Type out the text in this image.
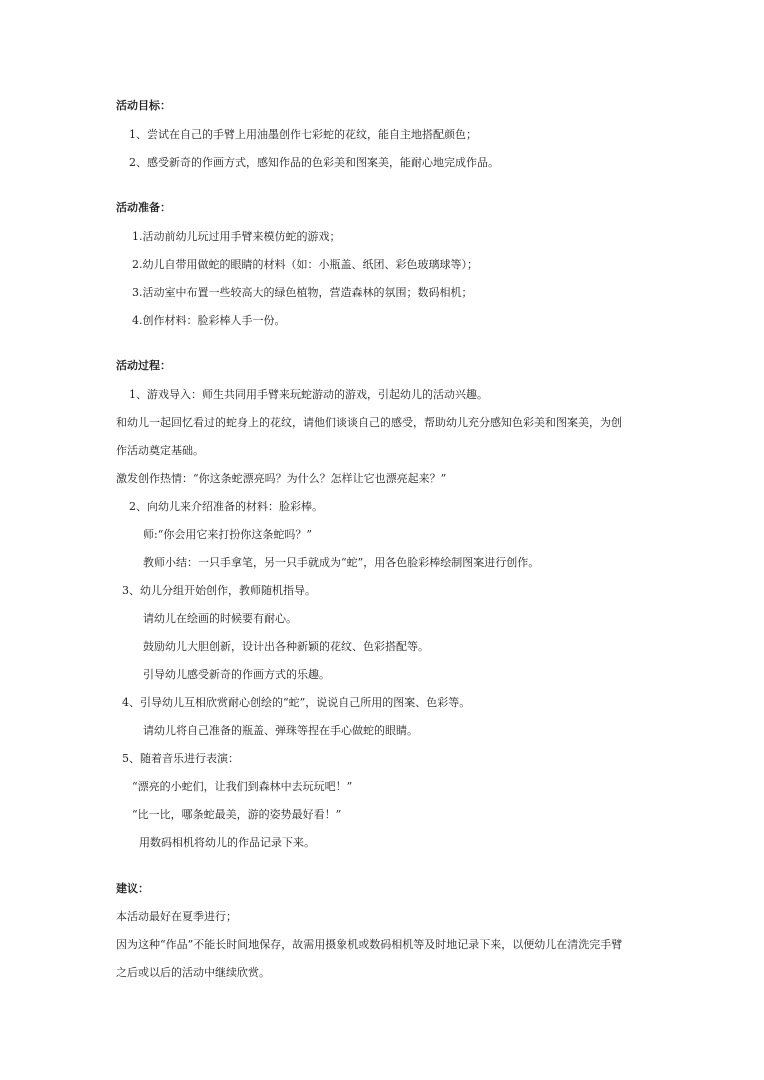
活动目标：
1、尝试在自己的手臂上用油墨创作七彩蛇的花纹，能自主地搭配颜色；
2、感受新奇的作画方式，感知作品的色彩美和图案美，能耐心地完成作品。
活动准备：
1.活动前幼儿玩过用手臂来模仿蛇的游戏；
2.幼儿自带用做蛇的眼睛的材料（如：小瓶盖、纸团、彩色玻璃球等）；
3.活动室中布置一些较高大的绿色植物，营造森林的氛围；数码相机；
4.创作材料：脸彩棒人手一份。
活动过程：
1、游戏导入：师生共同用手臂来玩蛇游动的游戏，引起幼儿的活动兴趣。
和幼儿一起回忆看过的蛇身上的花纹，请他们谈谈自己的感受，帮助幼儿充分感知色彩美和图案美，为创
作活动奠定基础。
激发创作热情：“你这条蛇漂亮吗？为什么？怎样让它也漂亮起来？”
2、向幼儿来介绍准备的材料：脸彩棒。
师:“你会用它来打扮你这条蛇吗？”
教师小结：一只手拿笔，另一只手就成为“蛇”，用各色脸彩棒绘制图案进行创作。
3、幼儿分组开始创作，教师随机指导。
请幼儿在绘画的时候要有耐心。
鼓励幼儿大胆创新，设计出各种新颖的花纹、色彩搭配等。
引导幼儿感受新奇的作画方式的乐趣。
4、引导幼儿互相欣赏耐心创绘的“蛇”，说说自己所用的图案、色彩等。
请幼儿将自己准备的瓶盖、弹珠等捏在手心做蛇的眼睛。
5、随着音乐进行表演：
“漂亮的小蛇们，让我们到森林中去玩玩吧！”
“比一比，哪条蛇最美，游的姿势最好看！”
用数码相机将幼儿的作品记录下来。
建议：
本活动最好在夏季进行；
因为这种“作品”不能长时间地保存，故需用摄象机或数码相机等及时地记录下来，以便幼儿在清洗完手臂
之后或以后的活动中继续欣赏。
